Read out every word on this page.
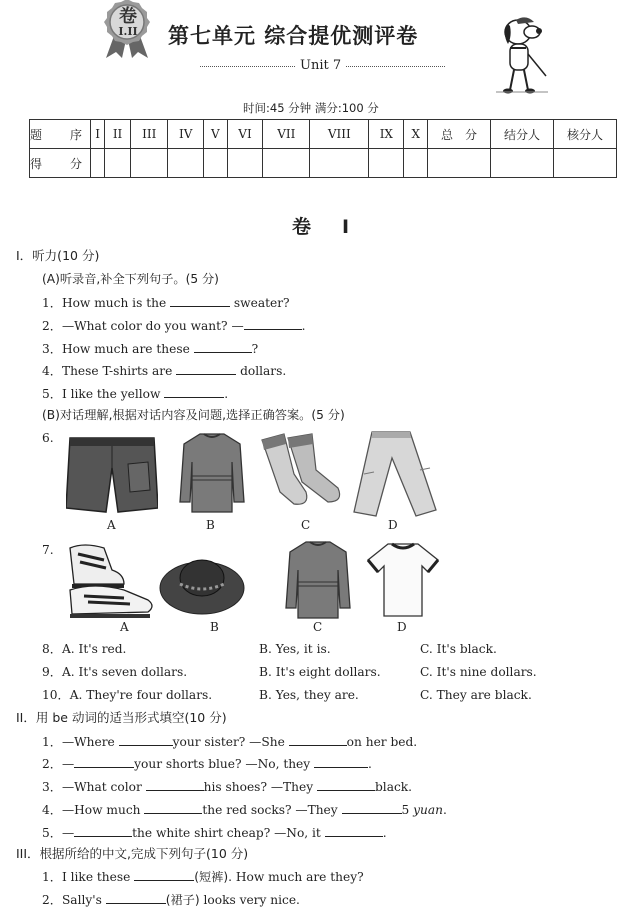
卷
I.II	第七单元 综合提优测评卷
Unit 7
时间:45 分钟 满分:100 分
题　序	I	II	III	IV	V	VI	VII	VIII	IX	X	总　分	结分人	核分人
得　分													
卷　I
I．听力(10 分)
(A)听录音,补全下列句子。(5 分)
1．How much is the	sweater?
2．—What color do you want? —	.
3．How much are these	?
4．These T-shirts are	dollars.
5．I like the yellow	.
(B)对话理解,根据对话内容及问题,选择正确答案。(5 分)
6.
A	B	C	D
7.
A	B	C	D
8．A. It's red.	B. Yes, it is.	C. It's black.
9．A. It's seven dollars.	B. It's eight dollars.	C. It's nine dollars.
10．A. They're four dollars.	B. Yes, they are.	C. They are black.
II．用 be 动词的适当形式填空(10 分)
1．—Where	your sister? —She	on her bed.
2．—	your shorts blue? —No, they	.
3．—What color	his shoes? —They	black.
4．—How much	the red socks? —They	5 yuan.
5．—	the white shirt cheap? —No, it	.
III．根据所给的中文,完成下列句子(10 分)
1．I like these	(短裤). How much are they?
2．Sally's	(裙子) looks very nice.
